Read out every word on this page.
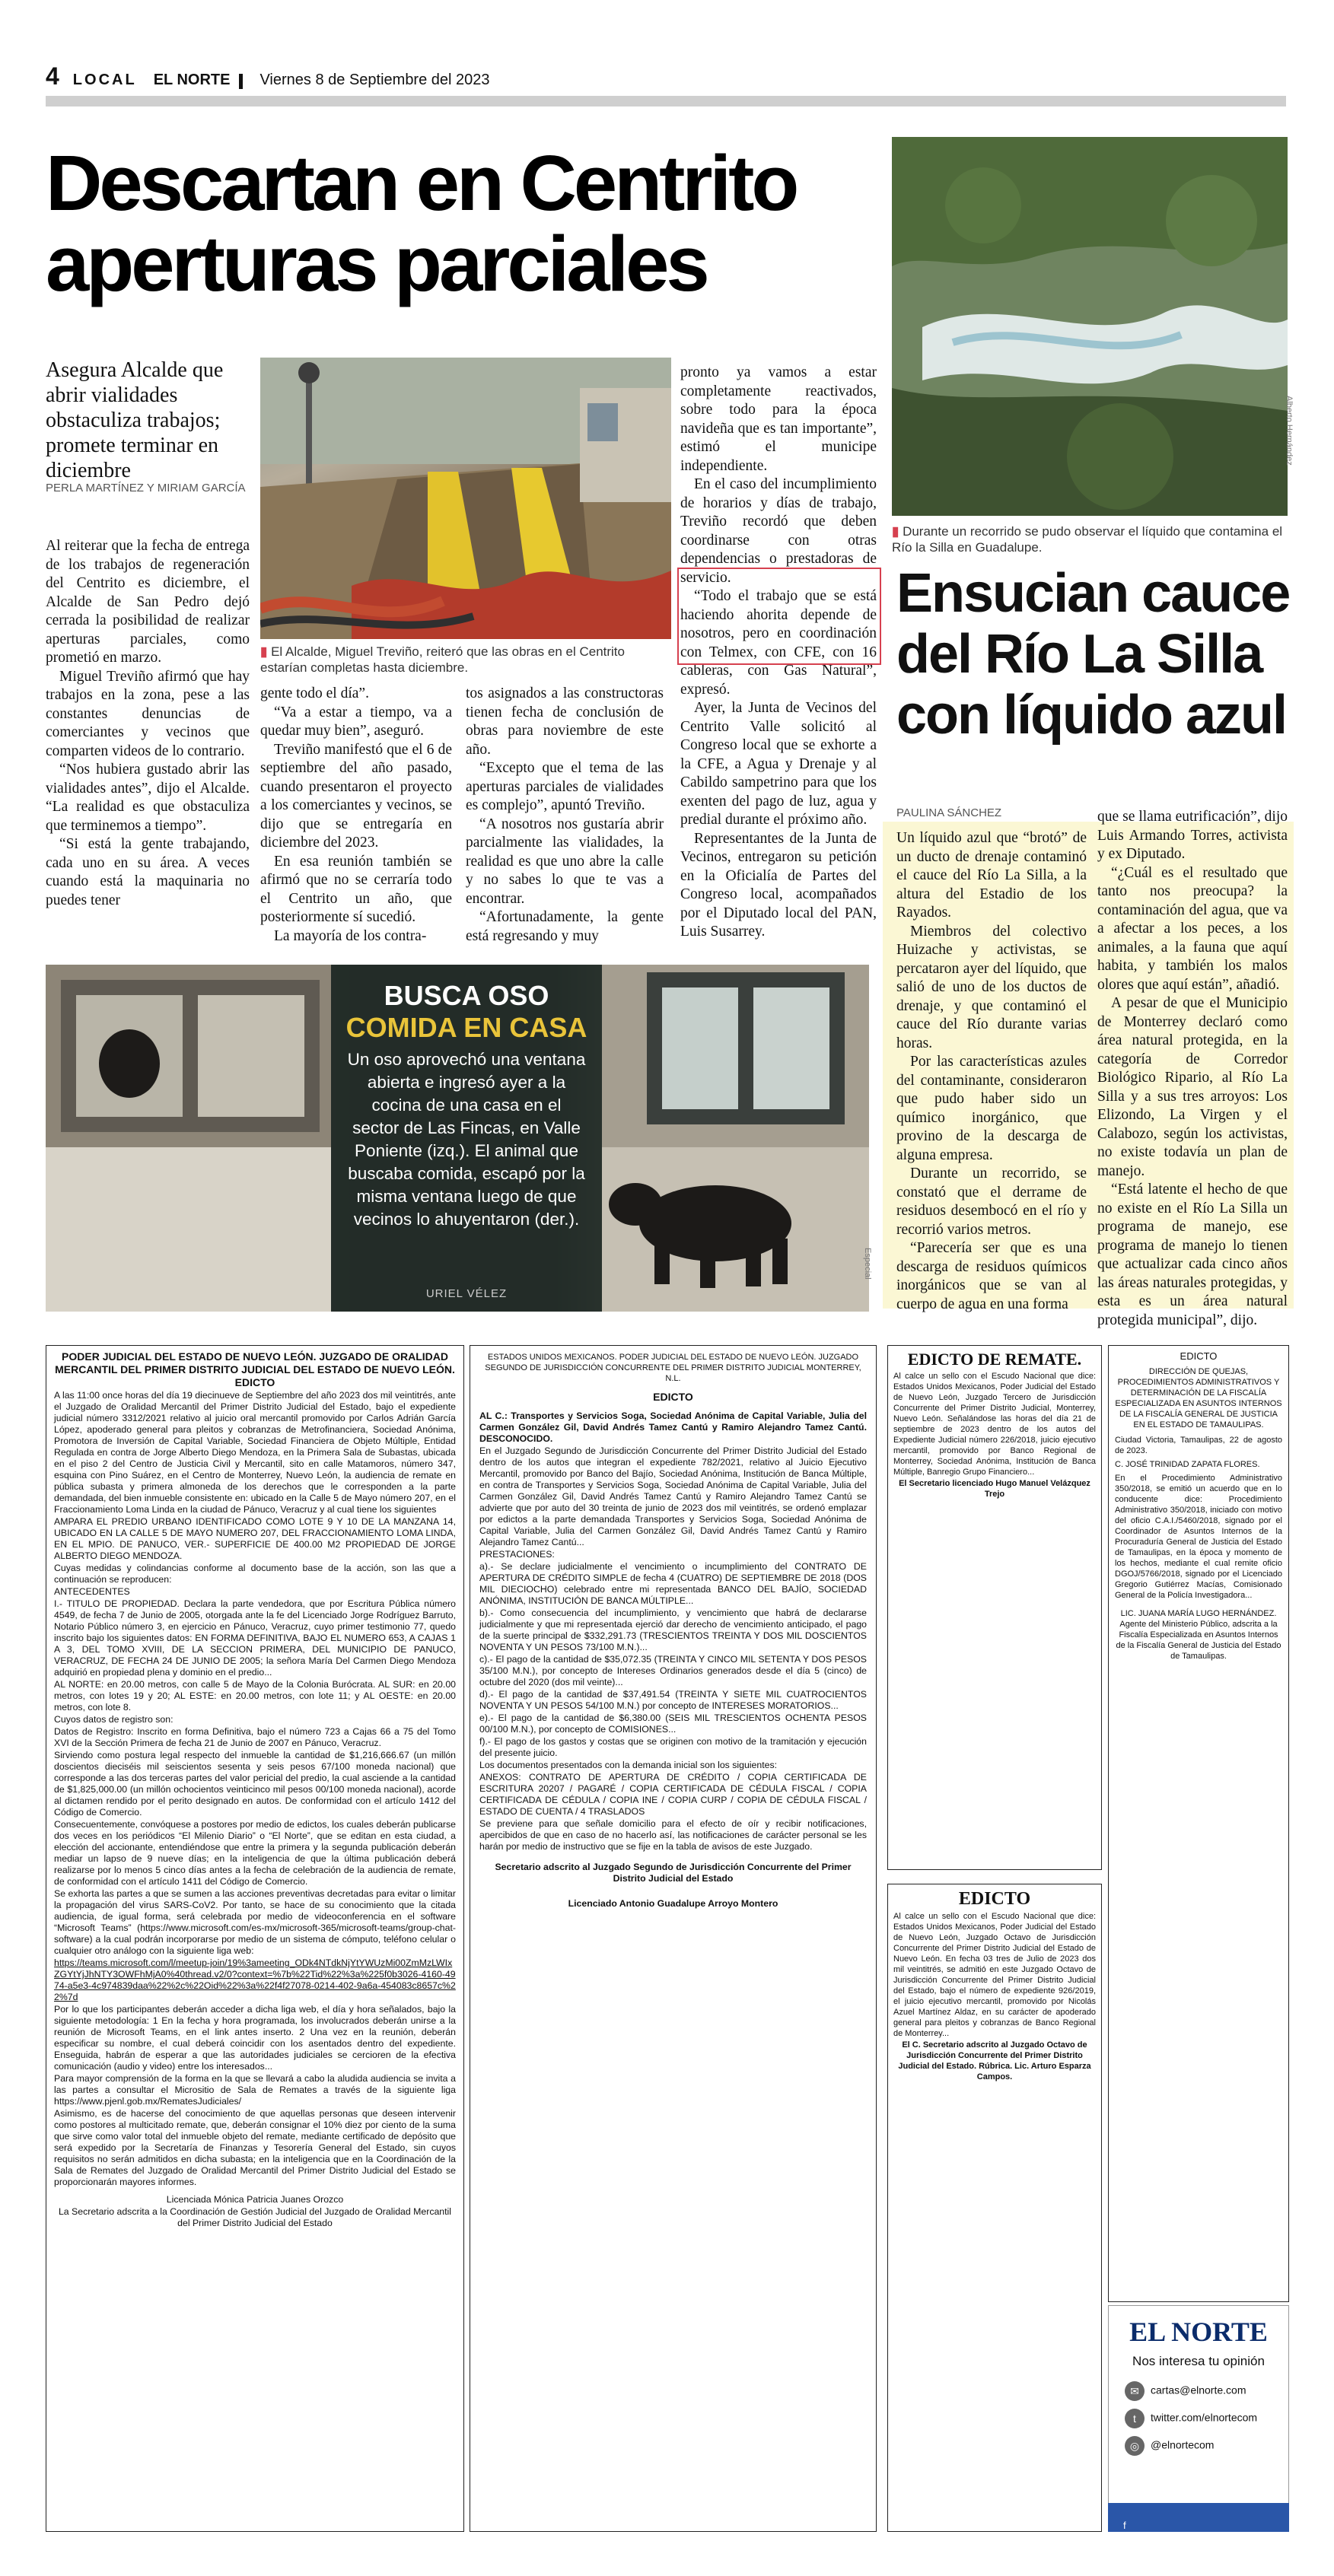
4 LOCAL EL NORTE Viernes 8 de Septiembre del 2023
Descartan en Centrito aperturas parciales
Asegura Alcalde que abrir vialidades obstaculiza trabajos; promete terminar en diciembre
PERLA MARTÍNEZ Y MIRIAM GARCÍA
▮ El Alcalde, Miguel Treviño, reiteró que las obras en el Centrito estarían completas hasta diciembre.

Al reiterar que la fecha de entrega de los trabajos de regeneración del Centrito es diciembre, el Alcalde de San Pedro dejó cerrada la posibilidad de realizar aperturas parciales, como prometió en marzo.

Miguel Treviño afirmó que hay trabajos en la zona, pese a las constantes denuncias de comerciantes y vecinos que comparten videos de lo contrario.

“Nos hubiera gustado abrir las vialidades antes”, dijo el Alcalde. “La realidad es que obstaculiza que terminemos a tiempo”.

“Si está la gente trabajando, cada uno en su área. A veces cuando está la maquinaria no puedes tener

gente todo el día”.

“Va a estar a tiempo, va a quedar muy bien”, aseguró.

Treviño manifestó que el 6 de septiembre del año pasado, cuando presentaron el proyecto a los comerciantes y vecinos, se dijo que se entregaría en diciembre del 2023.

En esa reunión también se afirmó que no se cerraría todo el Centrito un año, que posteriormente sí sucedió.

La mayoría de los contra-

tos asignados a las constructoras tienen fecha de conclusión de obras para noviembre de este año.

“Excepto que el tema de las aperturas parciales de vialidades es complejo”, apuntó Treviño.

“A nosotros nos gustaría abrir parcialmente las vialidades, la realidad es que uno abre la calle y no sabes lo que te vas a encontrar.

“Afortunadamente, la gente está regresando y muy

pronto ya vamos a estar completamente reactivados, sobre todo para la época navideña que es tan importante”, estimó el municipe independiente.

En el caso del incumplimiento de horarios y días de trabajo, Treviño recordó que deben coordinarse con otras dependencias o prestadoras de servicio.

“Todo el trabajo que se está haciendo ahorita depende de nosotros, pero en coordinación con Telmex, con CFE, con 16 cableras, con Gas Natural”, expresó.

Ayer, la Junta de Vecinos del Centrito Valle solicitó al Congreso local que se exhorte a la CFE, a Agua y Drenaje y al Cabildo sampetrino para que los exenten del pago de luz, agua y predial durante el próximo año.

Representantes de la Junta de Vecinos, entregaron su petición en la Oficialía de Partes del Congreso local, acompañados por el Diputado local del PAN, Luis Susarrey.

Alberto Hernández
▮ Durante un recorrido se pudo observar el líquido que contamina el Río la Silla en Guadalupe.
Ensucian cauce del Río La Silla con líquido azul
PAULINA SÁNCHEZ

Un líquido azul que “brotó” de un ducto de drenaje contaminó el cauce del Río La Silla, a la altura del Estadio de los Rayados.

Miembros del colectivo Huizache y activistas, se percataron ayer del líquido, que salió de uno de los ductos de drenaje, y que contaminó el cauce del Río durante varias horas.

Por las características azules del contaminante, consideraron que pudo haber sido un químico inorgánico, que provino de la descarga de alguna empresa.

Durante un recorrido, se constató que el derrame de residuos desembocó en el río y recorrió varios metros.

“Parecería ser que es una descarga de residuos químicos inorgánicos que se van al cuerpo de agua en una forma

que se llama eutrificación”, dijo Luis Armando Torres, activista y ex Diputado.

“¿Cuál es el resultado que tanto nos preocupa? la contaminación del agua, que va a afectar a los peces, a los animales, a la fauna que aquí habita, y también los malos olores que aquí están”, añadió.

A pesar de que el Municipio de Monterrey declaró como área natural protegida, en la categoría de Corredor Biológico Ripario, al Río La Silla y a sus tres arroyos: Los Elizondo, La Virgen y el Calabozo, según los activistas, no existe todavía un plan de manejo.

“Está latente el hecho de que no existe en el Río La Silla un programa de manejo, ese programa de manejo lo tienen que actualizar cada cinco años las áreas naturales protegidas, y esta es un área natural protegida municipal”, dijo.

BUSCA OSO
COMIDA EN CASA
Un oso aprovechó una ventana abierta e ingresó ayer a la cocina de una casa en el sector de Las Fincas, en Valle Poniente (izq.). El animal que buscaba comida, escapó por la misma ventana luego de que vecinos lo ahuyentaron (der.).
URIEL VÉLEZ
Especial

PODER JUDICIAL DEL ESTADO DE NUEVO LEÓN. JUZGADO DE ORALIDAD MERCANTIL DEL PRIMER DISTRITO JUDICIAL DEL ESTADO DE NUEVO LEÓN. EDICTO

A las 11:00 once horas del día 19 diecinueve de Septiembre del año 2023 dos mil veintitrés, ante el Juzgado de Oralidad Mercantil del Primer Distrito Judicial del Estado, bajo el expediente judicial número 3312/2021 relativo al juicio oral mercantil promovido por Carlos Adrián García López, apoderado general para pleitos y cobranzas de Metrofinanciera, Sociedad Anónima, Promotora de Inversión de Capital Variable, Sociedad Financiera de Objeto Múltiple, Entidad Regulada en contra de Jorge Alberto Diego Mendoza, en la Primera Sala de Subastas, ubicada en el piso 2 del Centro de Justicia Civil y Mercantil, sito en calle Matamoros, número 347, esquina con Pino Suárez, en el Centro de Monterrey, Nuevo León, la audiencia de remate en pública subasta y primera almoneda de los derechos que le corresponden a la parte demandada, del bien inmueble consistente en: ubicado en la Calle 5 de Mayo número 207, en el Fraccionamiento Loma Linda en la ciudad de Pánuco, Veracruz y al cual tiene los siguientes

AMPARA EL PREDIO URBANO IDENTIFICADO COMO LOTE 9 Y 10 DE LA MANZANA 14, UBICADO EN LA CALLE 5 DE MAYO NUMERO 207, DEL FRACCIONAMIENTO LOMA LINDA, EN EL MPIO. DE PANUCO, VER.- SUPERFICIE DE 400.00 M2 PROPIEDAD DE JORGE ALBERTO DIEGO MENDOZA.

Cuyas medidas y colindancias conforme al documento base de la acción, son las que a continuación se reproducen:

ANTECEDENTES

I.- TITULO DE PROPIEDAD. Declara la parte vendedora, que por Escritura Pública número 4549, de fecha 7 de Junio de 2005, otorgada ante la fe del Licenciado Jorge Rodríguez Barruto, Notario Público número 3, en ejercicio en Pánuco, Veracruz, cuyo primer testimonio 77, quedo inscrito bajo los siguientes datos: EN FORMA DEFINITIVA, BAJO EL NUMERO 653, A CAJAS 1 A 3, DEL TOMO XVIII, DE LA SECCION PRIMERA, DEL MUNICIPIO DE PANUCO, VERACRUZ, DE FECHA 24 DE JUNIO DE 2005; la señora María Del Carmen Diego Mendoza adquirió en propiedad plena y dominio en el predio...

AL NORTE: en 20.00 metros, con calle 5 de Mayo de la Colonia Burócrata. AL SUR: en 20.00 metros, con lotes 19 y 20; AL ESTE: en 20.00 metros, con lote 11; y AL OESTE: en 20.00 metros, con lote 8.

Cuyos datos de registro son:

Datos de Registro: Inscrito en forma Definitiva, bajo el número 723 a Cajas 66 a 75 del Tomo XVI de la Sección Primera de fecha 21 de Junio de 2007 en Pánuco, Veracruz.

Sirviendo como postura legal respecto del inmueble la cantidad de $1,216,666.67 (un millón doscientos dieciséis mil seiscientos sesenta y seis pesos 67/100 moneda nacional) que corresponde a las dos terceras partes del valor pericial del predio, la cual asciende a la cantidad de $1,825,000.00 (un millón ochocientos veinticinco mil pesos 00/100 moneda nacional), acorde al dictamen rendido por el perito designado en autos. De conformidad con el artículo 1412 del Código de Comercio.

Consecuentemente, convóquese a postores por medio de edictos, los cuales deberán publicarse dos veces en los periódicos “El Milenio Diario” o “El Norte”, que se editan en esta ciudad, a elección del accionante, entendiéndose que entre la primera y la segunda publicación deberán mediar un lapso de 9 nueve días; en la inteligencia de que la última publicación deberá realizarse por lo menos 5 cinco días antes a la fecha de celebración de la audiencia de remate, de conformidad con el artículo 1411 del Código de Comercio.

Se exhorta las partes a que se sumen a las acciones preventivas decretadas para evitar o limitar la propagación del virus SARS-CoV2. Por tanto, se hace de su conocimiento que la citada audiencia, de igual forma, será celebrada por medio de videoconferencia en el software “Microsoft Teams” (https://www.microsoft.com/es-mx/microsoft-365/microsoft-teams/group-chat-software) a la cual podrán incorporarse por medio de un sistema de cómputo, teléfono celular o cualquier otro análogo con la siguiente liga web:

https://teams.microsoft.com/l/meetup-join/19%3ameeting_ODk4NTdkNjYtYWUzMi00ZmMzLWIxZGYtYjJhNTY3OWFhMjA0%40thread.v2/0?context=%7b%22Tid%22%3a%225f0b3026-4160-4974-a5e3-4c974839daa%22%2c%22Oid%22%3a%22f4f27078-0214-402-9a6a-454083c8657c%22%7d

Por lo que los participantes deberán acceder a dicha liga web, el día y hora señalados, bajo la siguiente metodología: 1 En la fecha y hora programada, los involucrados deberán unirse a la reunión de Microsoft Teams, en el link antes inserto. 2 Una vez en la reunión, deberán especificar su nombre, el cual deberá coincidir con los asentados dentro del expediente. Enseguida, habrán de esperar a que las autoridades judiciales se cercioren de la efectiva comunicación (audio y video) entre los interesados...

Para mayor comprensión de la forma en la que se llevará a cabo la aludida audiencia se invita a las partes a consultar el Micrositio de Sala de Remates a través de la siguiente liga https://www.pjenl.gob.mx/RematesJudiciales/

Asimismo, es de hacerse del conocimiento de que aquellas personas que deseen intervenir como postores al multicitado remate, que, deberán consignar el 10% diez por ciento de la suma que sirve como valor total del inmueble objeto del remate, mediante certificado de depósito que será expedido por la Secretaría de Finanzas y Tesorería General del Estado, sin cuyos requisitos no serán admitidos en dicha subasta; en la inteligencia que en la Coordinación de la Sala de Remates del Juzgado de Oralidad Mercantil del Primer Distrito Judicial del Estado se proporcionarán mayores informes.

Licenciada Mónica Patricia Juanes Orozco

La Secretario adscrita a la Coordinación de Gestión Judicial del Juzgado de Oralidad Mercantil del Primer Distrito Judicial del Estado

ESTADOS UNIDOS MEXICANOS. PODER JUDICIAL DEL ESTADO DE NUEVO LEÓN. JUZGADO SEGUNDO DE JURISDICCIÓN CONCURRENTE DEL PRIMER DISTRITO JUDICIAL MONTERREY, N.L.

EDICTO

AL C.: Transportes y Servicios Soga, Sociedad Anónima de Capital Variable, Julia del Carmen González Gil, David Andrés Tamez Cantú y Ramiro Alejandro Tamez Cantú. DESCONOCIDO.

En el Juzgado Segundo de Jurisdicción Concurrente del Primer Distrito Judicial del Estado dentro de los autos que integran el expediente 782/2021, relativo al Juicio Ejecutivo Mercantil, promovido por Banco del Bajío, Sociedad Anónima, Institución de Banca Múltiple, en contra de Transportes y Servicios Soga, Sociedad Anónima de Capital Variable, Julia del Carmen González Gil, David Andrés Tamez Cantú y Ramiro Alejandro Tamez Cantú se advierte que por auto del 30 treinta de junio de 2023 dos mil veintitrés, se ordenó emplazar por edictos a la parte demandada Transportes y Servicios Soga, Sociedad Anónima de Capital Variable, Julia del Carmen González Gil, David Andrés Tamez Cantú y Ramiro Alejandro Tamez Cantú...

PRESTACIONES:

a).- Se declare judicialmente el vencimiento o incumplimiento del CONTRATO DE APERTURA DE CRÉDITO SIMPLE de fecha 4 (CUATRO) DE SEPTIEMBRE DE 2018 (DOS MIL DIECIOCHO) celebrado entre mi representada BANCO DEL BAJÍO, SOCIEDAD ANÓNIMA, INSTITUCIÓN DE BANCA MÚLTIPLE...

b).- Como consecuencia del incumplimiento, y vencimiento que habrá de declararse judicialmente y que mi representada ejerció dar derecho de vencimiento anticipado, el pago de la suerte principal de $332,291.73 (TRESCIENTOS TREINTA Y DOS MIL DOSCIENTOS NOVENTA Y UN PESOS 73/100 M.N.)...

c).- El pago de la cantidad de $35,072.35 (TREINTA Y CINCO MIL SETENTA Y DOS PESOS 35/100 M.N.), por concepto de Intereses Ordinarios generados desde el día 5 (cinco) de octubre del 2020 (dos mil veinte)...

d).- El pago de la cantidad de $37,491.54 (TREINTA Y SIETE MIL CUATROCIENTOS NOVENTA Y UN PESOS 54/100 M.N.) por concepto de INTERESES MORATORIOS...

e).- El pago de la cantidad de $6,380.00 (SEIS MIL TRESCIENTOS OCHENTA PESOS 00/100 M.N.), por concepto de COMISIONES...

f).- El pago de los gastos y costas que se originen con motivo de la tramitación y ejecución del presente juicio.

Los documentos presentados con la demanda inicial son los siguientes:

ANEXOS: CONTRATO DE APERTURA DE CRÉDITO / COPIA CERTIFICADA DE ESCRITURA 20207 / PAGARÉ / COPIA CERTIFICADA DE CÉDULA FISCAL / COPIA CERTIFICADA DE CÉDULA / COPIA INE / COPIA CURP / COPIA DE CÉDULA FISCAL / ESTADO DE CUENTA / 4 TRASLADOS

Se previene para que señale domicilio para el efecto de oír y recibir notificaciones, apercibidos de que en caso de no hacerlo así, las notificaciones de carácter personal se les harán por medio de instructivo que se fije en la tabla de avisos de este Juzgado.

Secretario adscrito al Juzgado Segundo de Jurisdicción Concurrente del Primer Distrito Judicial del Estado

Licenciado Antonio Guadalupe Arroyo Montero

EDICTO DE REMATE.

Al calce un sello con el Escudo Nacional que dice: Estados Unidos Mexicanos, Poder Judicial del Estado de Nuevo León, Juzgado Tercero de Jurisdicción Concurrente del Primer Distrito Judicial, Monterrey, Nuevo León. Señalándose las horas del día 21 de septiembre de 2023 dentro de los autos del Expediente Judicial número 226/2018, juicio ejecutivo mercantil, promovido por Banco Regional de Monterrey, Sociedad Anónima, Institución de Banca Múltiple, Banregio Grupo Financiero...

El Secretario licenciado Hugo Manuel Velázquez Trejo

EDICTO

Al calce un sello con el Escudo Nacional que dice: Estados Unidos Mexicanos, Poder Judicial del Estado de Nuevo León, Juzgado Octavo de Jurisdicción Concurrente del Primer Distrito Judicial del Estado de Nuevo León. En fecha 03 tres de Julio de 2023 dos mil veintitrés, se admitió en este Juzgado Octavo de Jurisdicción Concurrente del Primer Distrito Judicial del Estado, bajo el número de expediente 926/2019, el juicio ejecutivo mercantil, promovido por Nicolás Azuel Martínez Aldaz, en su carácter de apoderado general para pleitos y cobranzas de Banco Regional de Monterrey...

El C. Secretario adscrito al Juzgado Octavo de Jurisdicción Concurrente del Primer Distrito Judicial del Estado. Rúbrica. Lic. Arturo Esparza Campos.

EDICTO

DIRECCIÓN DE QUEJAS, PROCEDIMIENTOS ADMINISTRATIVOS Y DETERMINACIÓN DE LA FISCALÍA ESPECIALIZADA EN ASUNTOS INTERNOS DE LA FISCALÍA GENERAL DE JUSTICIA EN EL ESTADO DE TAMAULIPAS.

Ciudad Victoria, Tamaulipas, 22 de agosto de 2023.

C. JOSÉ TRINIDAD ZAPATA FLORES.

En el Procedimiento Administrativo 350/2018, se emitió un acuerdo que en lo conducente dice: Procedimiento Administrativo 350/2018, iniciado con motivo del oficio C.A.I./5460/2018, signado por el Coordinador de Asuntos Internos de la Procuraduría General de Justicia del Estado de Tamaulipas, en la época y momento de los hechos, mediante el cual remite oficio DGOJ/5766/2018, signado por el Licenciado Gregorio Gutiérrez Macías, Comisionado General de la Policía Investigadora...

LIC. JUANA MARÍA LUGO HERNÁNDEZ. Agente del Ministerio Público, adscrita a la Fiscalía Especializada en Asuntos Internos de la Fiscalía General de Justicia del Estado de Tamaulipas.

EL NORTE
Nos interesa tu opinión
✉ cartas@elnorte.com
t twitter.com/elnortecom
◎ @elnortecom
f
www.facebook.com/elnortecom
